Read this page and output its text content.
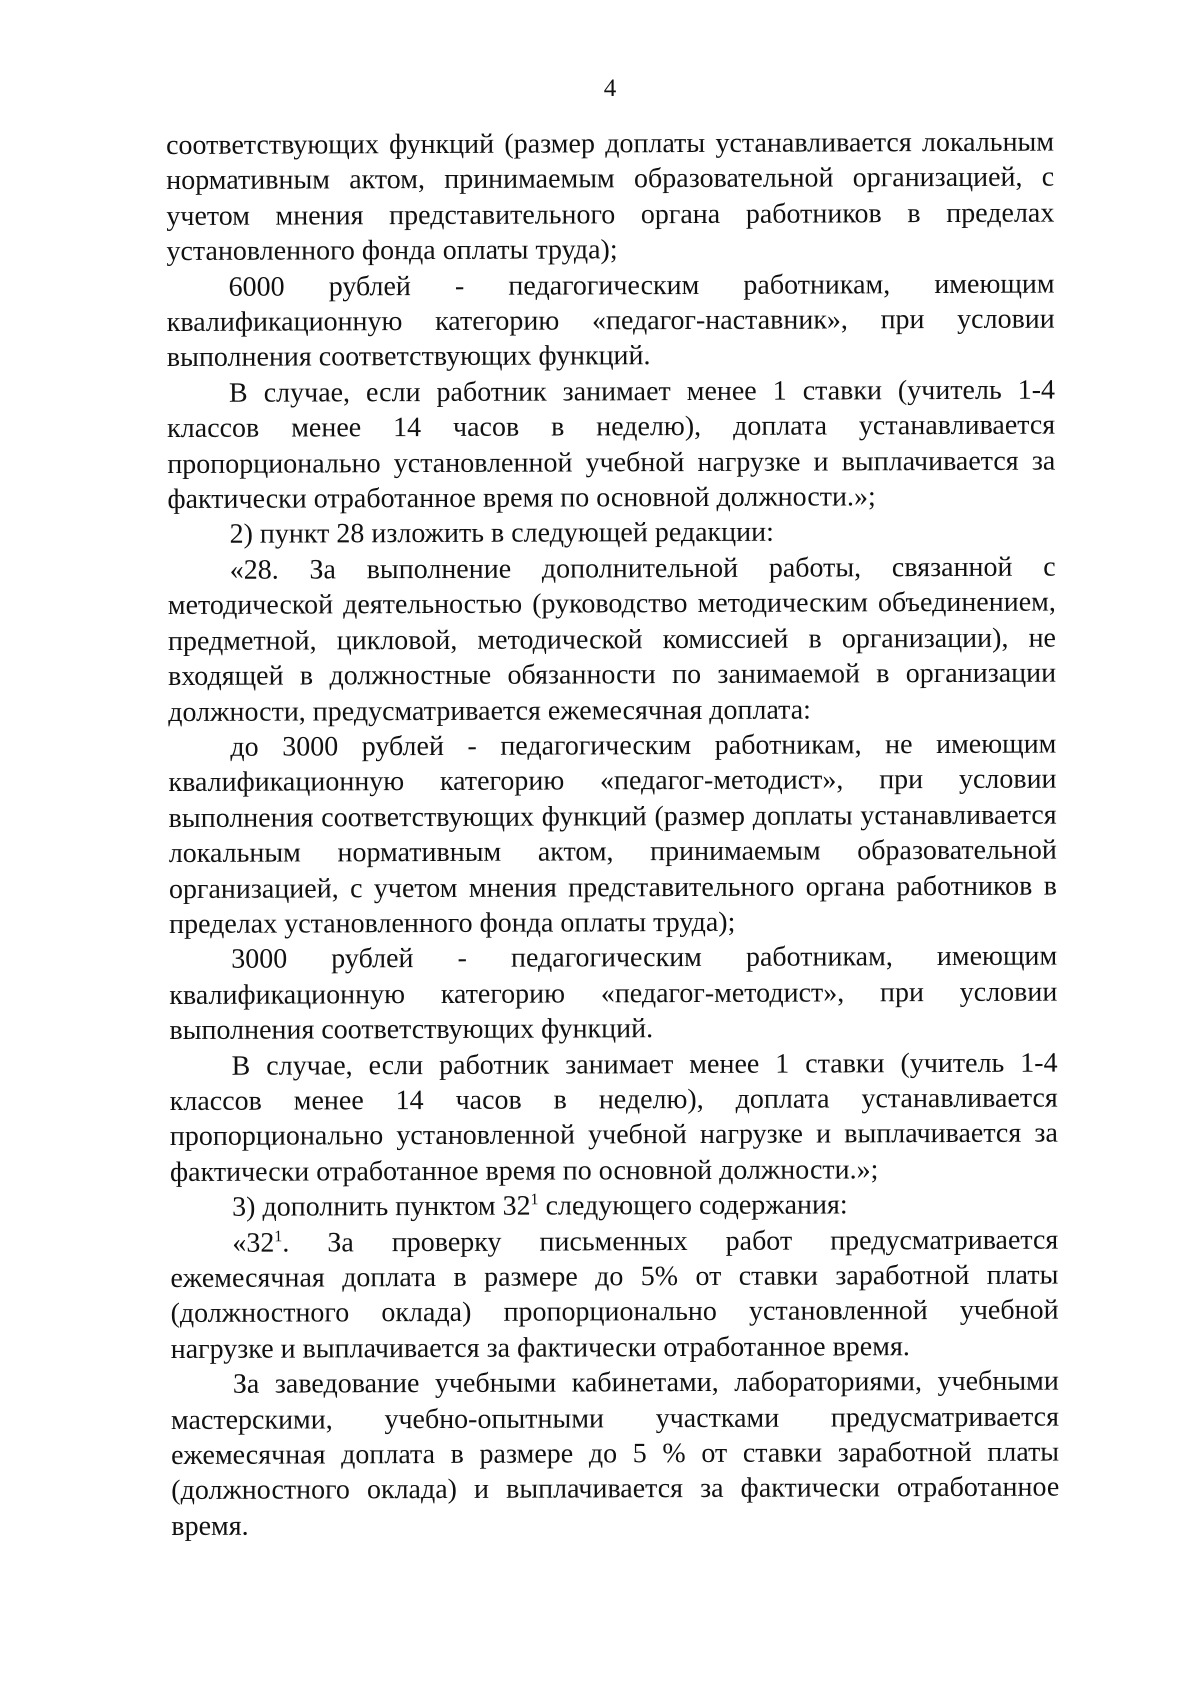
4

соответствующих функций (размер доплаты устанавливается локальным нормативным актом, принимаемым образовательной организацией, с учетом мнения представительного органа работников в пределах установленного фонда оплаты труда);

6000 рублей - педагогическим работникам, имеющим квалификационную категорию «педагог-наставник», при условии выполнения соответствующих функций.

В случае, если работник занимает менее 1 ставки (учитель 1-4 классов менее 14 часов в неделю), доплата устанавливается пропорционально установленной учебной нагрузке и выплачивается за фактически отработанное время по основной должности.»;

2) пункт 28 изложить в следующей редакции:

«28. За выполнение дополнительной работы, связанной с методической деятельностью (руководство методическим объединением, предметной, цикловой, методической комиссией в организации), не входящей в должностные обязанности по занимаемой в организации должности, предусматривается ежемесячная доплата:

до 3000 рублей - педагогическим работникам, не имеющим квалификационную категорию «педагог-методист», при условии выполнения соответствующих функций (размер доплаты устанавливается локальным нормативным актом, принимаемым образовательной организацией, с учетом мнения представительного органа работников в пределах установленного фонда оплаты труда);

3000 рублей - педагогическим работникам, имеющим квалификационную категорию «педагог-методист», при условии выполнения соответствующих функций.

В случае, если работник занимает менее 1 ставки (учитель 1-4 классов менее 14 часов в неделю), доплата устанавливается пропорционально установленной учебной нагрузке и выплачивается за фактически отработанное время по основной должности.»;

3) дополнить пунктом $32^1$ следующего содержания:

«$32^1$. За проверку письменных работ предусматривается ежемесячная доплата в размере до 5% от ставки заработной платы (должностного оклада) пропорционально установленной учебной нагрузке и выплачивается за фактически отработанное время.

За заведование учебными кабинетами, лабораториями, учебными мастерскими, учебно-опытными участками предусматривается ежемесячная доплата в размере до 5 % от ставки заработной платы (должностного оклада) и выплачивается за фактически отработанное время.
